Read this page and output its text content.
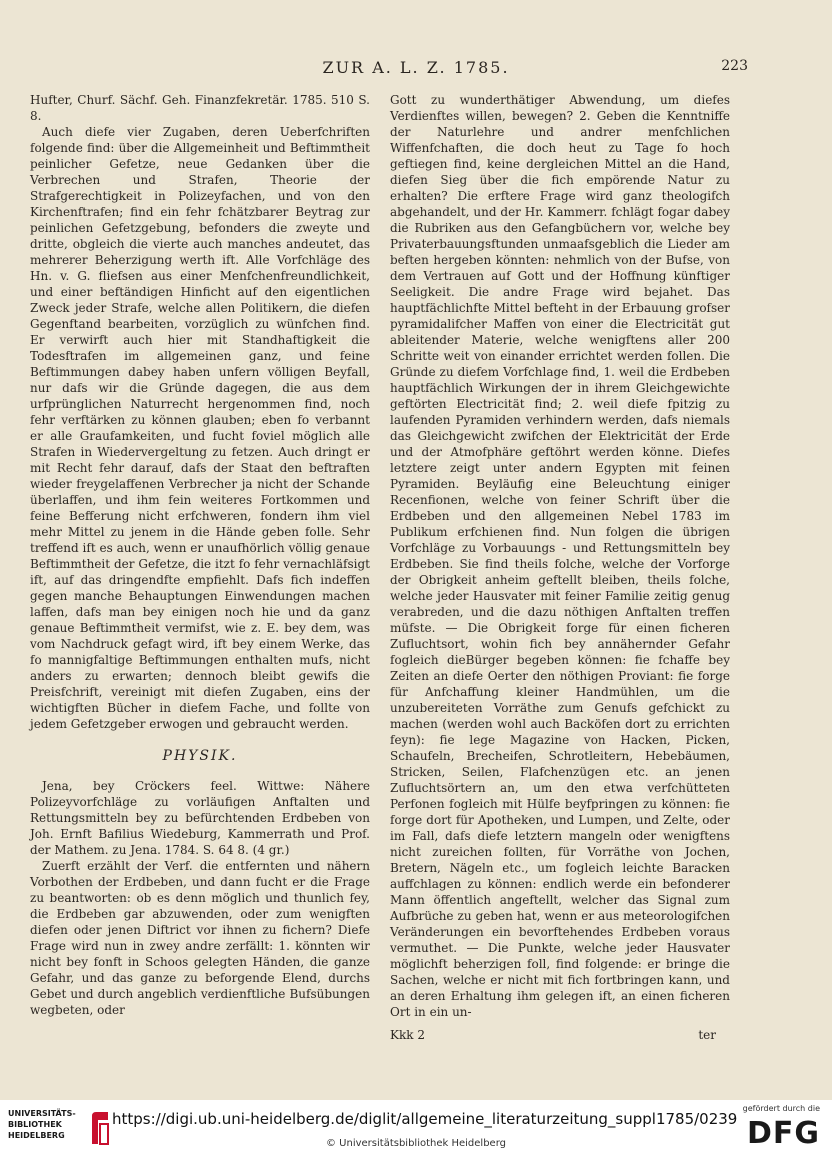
ZUR A. L. Z. 1785.	223

Hufter, Churf. Sächf. Geh. Finanzfekretär. 1785. 510 S. 8.

Auch diefe vier Zugaben, deren Ueberfchriften folgende find: über die Allgemeinheit und Beftimmtheit peinlicher Gefetze, neue Gedanken über die Verbrechen und Strafen, Theorie der Strafgerechtigkeit in Polizeyfachen, und von den Kirchenftrafen; find ein fehr fchätzbarer Beytrag zur peinlichen Gefetzgebung, befonders die zweyte und dritte, obgleich die vierte auch manches andeutet, das mehrerer Beherzigung werth ift. Alle Vorfchläge des Hn. v. G. fliefsen aus einer Menfchenfreundlichkeit, und einer beftändigen Hinficht auf den eigentlichen Zweck jeder Strafe, welche allen Politikern, die diefen Gegenftand bearbeiten, vorzüglich zu wünfchen find. Er verwirft auch hier mit Standhaftigkeit die Todesftrafen im allgemeinen ganz, und feine Beftimmungen dabey haben unfern völligen Beyfall, nur dafs wir die Gründe dagegen, die aus dem urfprünglichen Naturrecht hergenommen find, noch fehr verftärken zu können glauben; eben fo verbannt er alle Graufamkeiten, und fucht foviel möglich alle Strafen in Wiedervergeltung zu fetzen. Auch dringt er mit Recht fehr darauf, dafs der Staat den beftraften wieder freygelaffenen Verbrecher ja nicht der Schande überlaffen, und ihm fein weiteres Fortkommen und feine Befferung nicht erfchweren, fondern ihm viel mehr Mittel zu jenem in die Hände geben folle. Sehr treffend ift es auch, wenn er unaufhörlich völlig genaue Beftimmtheit der Gefetze, die itzt fo fehr vernachläfsigt ift, auf das dringendfte empfiehlt. Dafs fich indeffen gegen manche Behauptungen Einwendungen machen laffen, dafs man bey einigen noch hie und da ganz genaue Beftimmtheit vermifst, wie z. E. bey dem, was vom Nachdruck gefagt wird, ift bey einem Werke, das fo mannigfaltige Beftimmungen enthalten mufs, nicht anders zu erwarten; dennoch bleibt gewifs die Preisfchrift, vereinigt mit diefen Zugaben, eins der wichtigften Bücher in diefem Fache, und follte von jedem Gefetzgeber erwogen und gebraucht werden.

PHYSIK.

Jena, bey Cröckers feel. Wittwe: Nähere Polizeyvorfchläge zu vorläufigen Anftalten und Rettungsmitteln bey zu befürchtenden Erdbeben von Joh. Ernft Bafilius Wiedeburg, Kammerrath und Prof. der Mathem. zu Jena. 1784. S. 64 8. (4 gr.)

Zuerft erzählt der Verf. die entfernten und nähern Vorbothen der Erdbeben, und dann fucht er die Frage zu beantworten: ob es denn möglich und thunlich fey, die Erdbeben gar abzuwenden, oder zum wenigften diefen oder jenen Diftrict vor ihnen zu fichern? Diefe Frage wird nun in zwey andre zerfällt: 1. könnten wir nicht bey fonft in Schoos gelegten Händen, die ganze Gefahr, und das ganze zu beforgende Elend, durchs Gebet und durch angeblich verdienftliche Bufsübungen wegbeten, oder

Gott zu wunderthätiger Abwendung, um diefes Verdienftes willen, bewegen? 2. Geben die Kenntniffe der Naturlehre und andrer menfchlichen Wiffenfchaften, die doch heut zu Tage fo hoch geftiegen find, keine dergleichen Mittel an die Hand, diefen Sieg über die fich empörende Natur zu erhalten? Die erftere Frage wird ganz theologifch abgehandelt, und der Hr. Kammerr. fchlägt fogar dabey die Rubriken aus den Gefangbüchern vor, welche bey Privaterbauungsftunden unmaafsgeblich die Lieder am beften hergeben könnten: nehmlich von der Bufse, von dem Vertrauen auf Gott und der Hoffnung künftiger Seeligkeit. Die andre Frage wird bejahet. Das hauptfächlichfte Mittel befteht in der Erbauung grofser pyramidalifcher Maffen von einer die Electricität gut ableitender Materie, welche wenigftens aller 200 Schritte weit von einander errichtet werden follen. Die Gründe zu diefem Vorfchlage find, 1. weil die Erdbeben hauptfächlich Wirkungen der in ihrem Gleichgewichte geftörten Electricität find; 2. weil diefe fpitzig zu laufenden Pyramiden verhindern werden, dafs niemals das Gleichgewicht zwifchen der Elektricität der Erde und der Atmofphäre geftöhrt werden könne. Diefes letztere zeigt unter andern Egypten mit feinen Pyramiden. Beyläufig eine Beleuchtung einiger Recenfionen, welche von feiner Schrift über die Erdbeben und den allgemeinen Nebel 1783 im Publikum erfchienen find. Nun folgen die übrigen Vorfchläge zu Vorbauungs - und Rettungsmitteln bey Erdbeben. Sie find theils folche, welche der Vorforge der Obrigkeit anheim geftellt bleiben, theils folche, welche jeder Hausvater mit feiner Familie zeitig genug verabreden, und die dazu nöthigen Anftalten treffen müfste. — Die Obrigkeit forge für einen ficheren Zufluchtsort, wohin fich bey annähernder Gefahr fogleich dieBürger begeben können: fie fchaffe bey Zeiten an diefe Oerter den nöthigen Proviant: fie forge für Anfchaffung kleiner Handmühlen, um die unzubereiteten Vorräthe zum Genufs gefchickt zu machen (werden wohl auch Backöfen dort zu errichten feyn): fie lege Magazine von Hacken, Picken, Schaufeln, Brecheifen, Schrotleitern, Hebebäumen, Stricken, Seilen, Flafchenzügen etc. an jenen Zufluchtsörtern an, um den etwa verfchütteten Perfonen fogleich mit Hülfe beyfpringen zu können: fie forge dort für Apotheken, und Lumpen, und Zelte, oder im Fall, dafs diefe letztern mangeln oder wenigftens nicht zureichen follten, für Vorräthe von Jochen, Bretern, Nägeln etc., um fogleich leichte Baracken auffchlagen zu können: endlich werde ein befonderer Mann öffentlich angeftellt, welcher das Signal zum Aufbrüche zu geben hat, wenn er aus meteorologifchen Veränderungen ein bevorftehendes Erdbeben voraus vermuthet. — Die Punkte, welche jeder Hausvater möglichft beherzigen foll, find folgende: er bringe die Sachen, welche er nicht mit fich fortbringen kann, und an deren Erhaltung ihm gelegen ift, an einen ficheren Ort in ein un-

Kkk 2	ter
UNIVERSITÄTS-
BIBLIOTHEK
HEIDELBERG
https://digi.ub.uni-heidelberg.de/diglit/allgemeine_literaturzeitung_suppl1785/0239
© Universitätsbibliothek Heidelberg
gefördert durch die
DFG
